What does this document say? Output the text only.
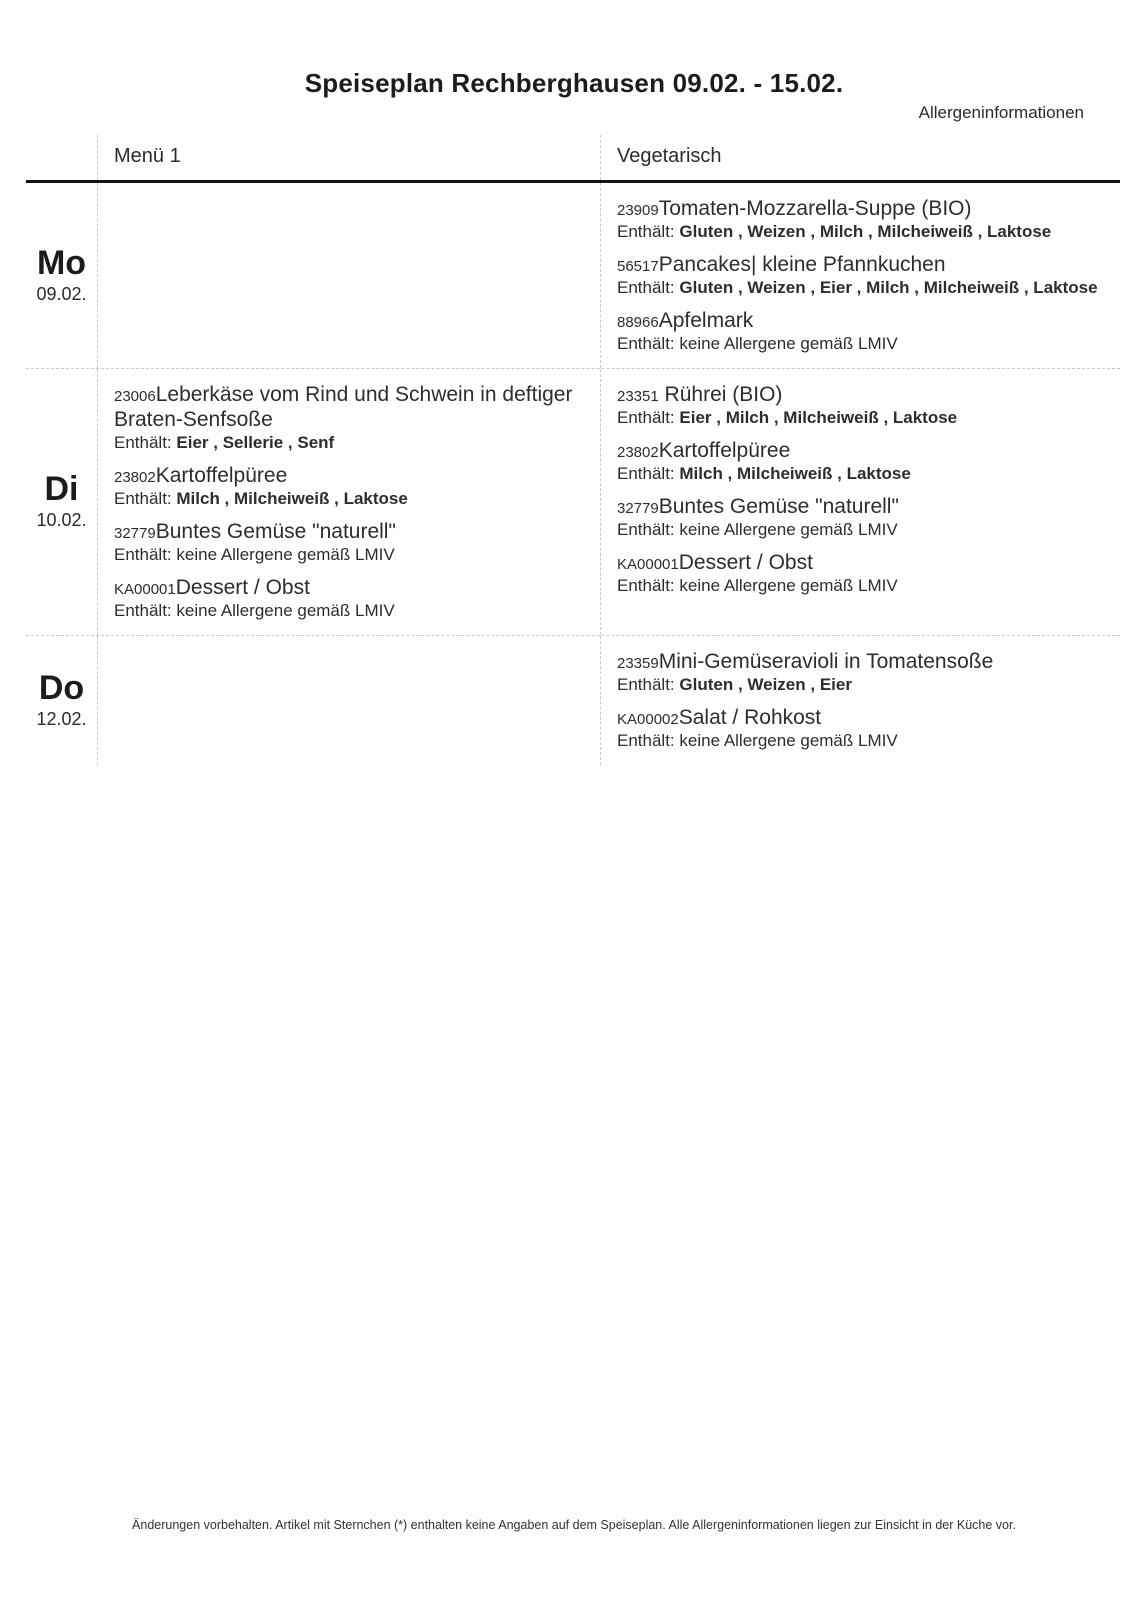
Speiseplan Rechberghausen 09.02. - 15.02.
Allergeninformationen
Menü 1	Vegetarisch
Mo
09.02.
23909Tomaten-Mozzarella-Suppe (BIO)
Enthält: Gluten , Weizen , Milch , Milcheiweiß , Laktose
56517Pancakes| kleine Pfannkuchen
Enthält: Gluten , Weizen , Eier , Milch , Milcheiweiß , Laktose
88966Apfelmark
Enthält: keine Allergene gemäß LMIV
Di
10.02.
23006Leberkäse vom Rind und Schwein in deftiger Braten-Senfsoße
Enthält: Eier , Sellerie , Senf
23802Kartoffelpüree
Enthält: Milch , Milcheiweiß , Laktose
32779Buntes Gemüse "naturell"
Enthält: keine Allergene gemäß LMIV
KA00001Dessert / Obst
Enthält: keine Allergene gemäß LMIV
23351 Rührei (BIO)
Enthält: Eier , Milch , Milcheiweiß , Laktose
23802Kartoffelpüree
Enthält: Milch , Milcheiweiß , Laktose
32779Buntes Gemüse "naturell"
Enthält: keine Allergene gemäß LMIV
KA00001Dessert / Obst
Enthält: keine Allergene gemäß LMIV
Do
12.02.
23359Mini-Gemüseravioli in Tomatensoße
Enthält: Gluten , Weizen , Eier
KA00002Salat / Rohkost
Enthält: keine Allergene gemäß LMIV
Änderungen vorbehalten. Artikel mit Sternchen (*) enthalten keine Angaben auf dem Speiseplan. Alle Allergeninformationen liegen zur Einsicht in der Küche vor.
